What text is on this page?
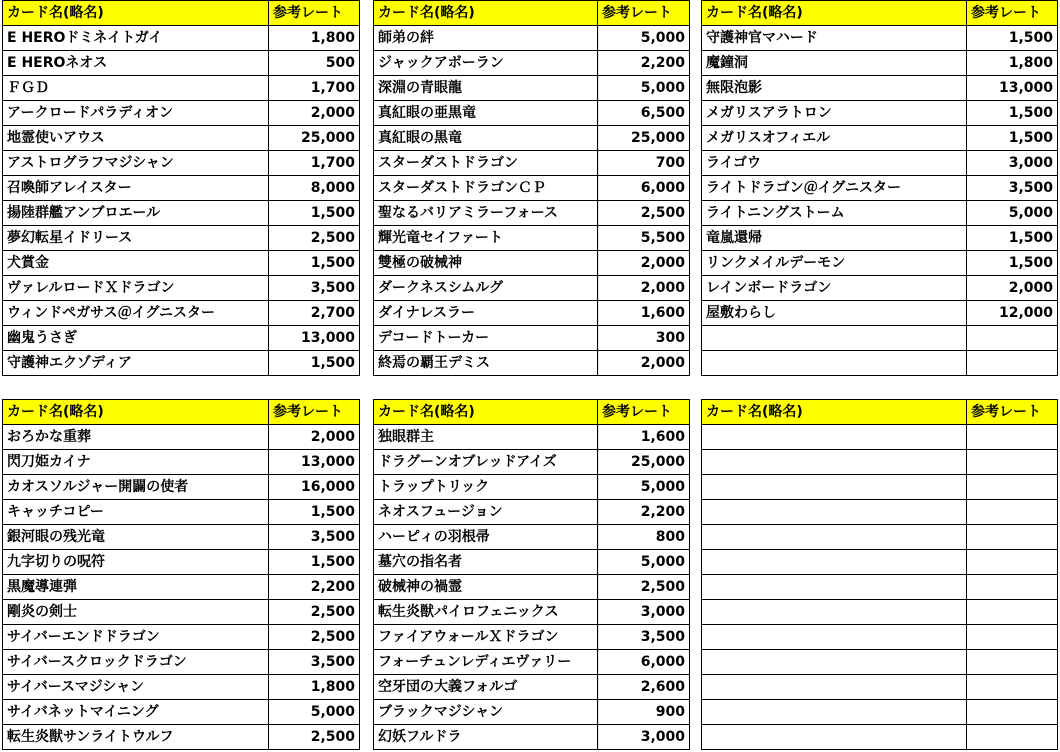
カード名(略名)	参考レート
E HEROドミネイトガイ	1,800
E HEROネオス	500
ＦＧＤ	1,700
アークロードパラディオン	2,000
地霊使いアウス	25,000
アストログラフマジシャン	1,700
召喚師アレイスター	8,000
揚陸群艦アンブロエール	1,500
夢幻転星イドリース	2,500
犬賞金	1,500
ヴァレルロードＸドラゴン	3,500
ウィンドペガサス＠イグニスター	2,700
幽鬼うさぎ	13,000
守護神エクゾディア	1,500
カード名(略名)	参考レート
師弟の絆	5,000
ジャックアボーラン	2,200
深淵の青眼龍	5,000
真紅眼の亜黒竜	6,500
真紅眼の黒竜	25,000
スターダストドラゴン	700
スターダストドラゴンＣＰ	6,000
聖なるバリアミラーフォース	2,500
輝光竜セイファート	5,500
雙極の破械神	2,000
ダークネスシムルグ	2,000
ダイナレスラー	1,600
デコードトーカー	300
終焉の覇王デミス	2,000
カード名(略名)	参考レート
守護神官マハード	1,500
魔鐘洞	1,800
無限泡影	13,000
メガリスアラトロン	1,500
メガリスオフィエル	1,500
ライゴウ	3,000
ライトドラゴン＠イグニスター	3,500
ライトニングストーム	5,000
竜嵐還帰	1,500
リンクメイルデーモン	1,500
レインボードラゴン	2,000
屋敷わらし	12,000

カード名(略名)	参考レート
おろかな重葬	2,000
閃刀姫カイナ	13,000
カオスソルジャー開闢の使者	16,000
キャッチコピー	1,500
銀河眼の残光竜	3,500
九字切りの呪符	1,500
黒魔導連弾	2,200
剛炎の剣士	2,500
サイバーエンドドラゴン	2,500
サイバースクロックドラゴン	3,500
サイバースマジシャン	1,800
サイバネットマイニング	5,000
転生炎獣サンライトウルフ	2,500
カード名(略名)	参考レート
独眼群主	1,600
ドラグーンオブレッドアイズ	25,000
トラップトリック	5,000
ネオスフュージョン	2,200
ハーピィの羽根帚	800
墓穴の指名者	5,000
破械神の禍霊	2,500
転生炎獣パイロフェニックス	3,000
ファイアウォールＸドラゴン	3,500
フォーチュンレディエヴァリー	6,000
空牙団の大義フォルゴ	2,600
ブラックマジシャン	900
幻妖フルドラ	3,000
カード名(略名)	参考レート
